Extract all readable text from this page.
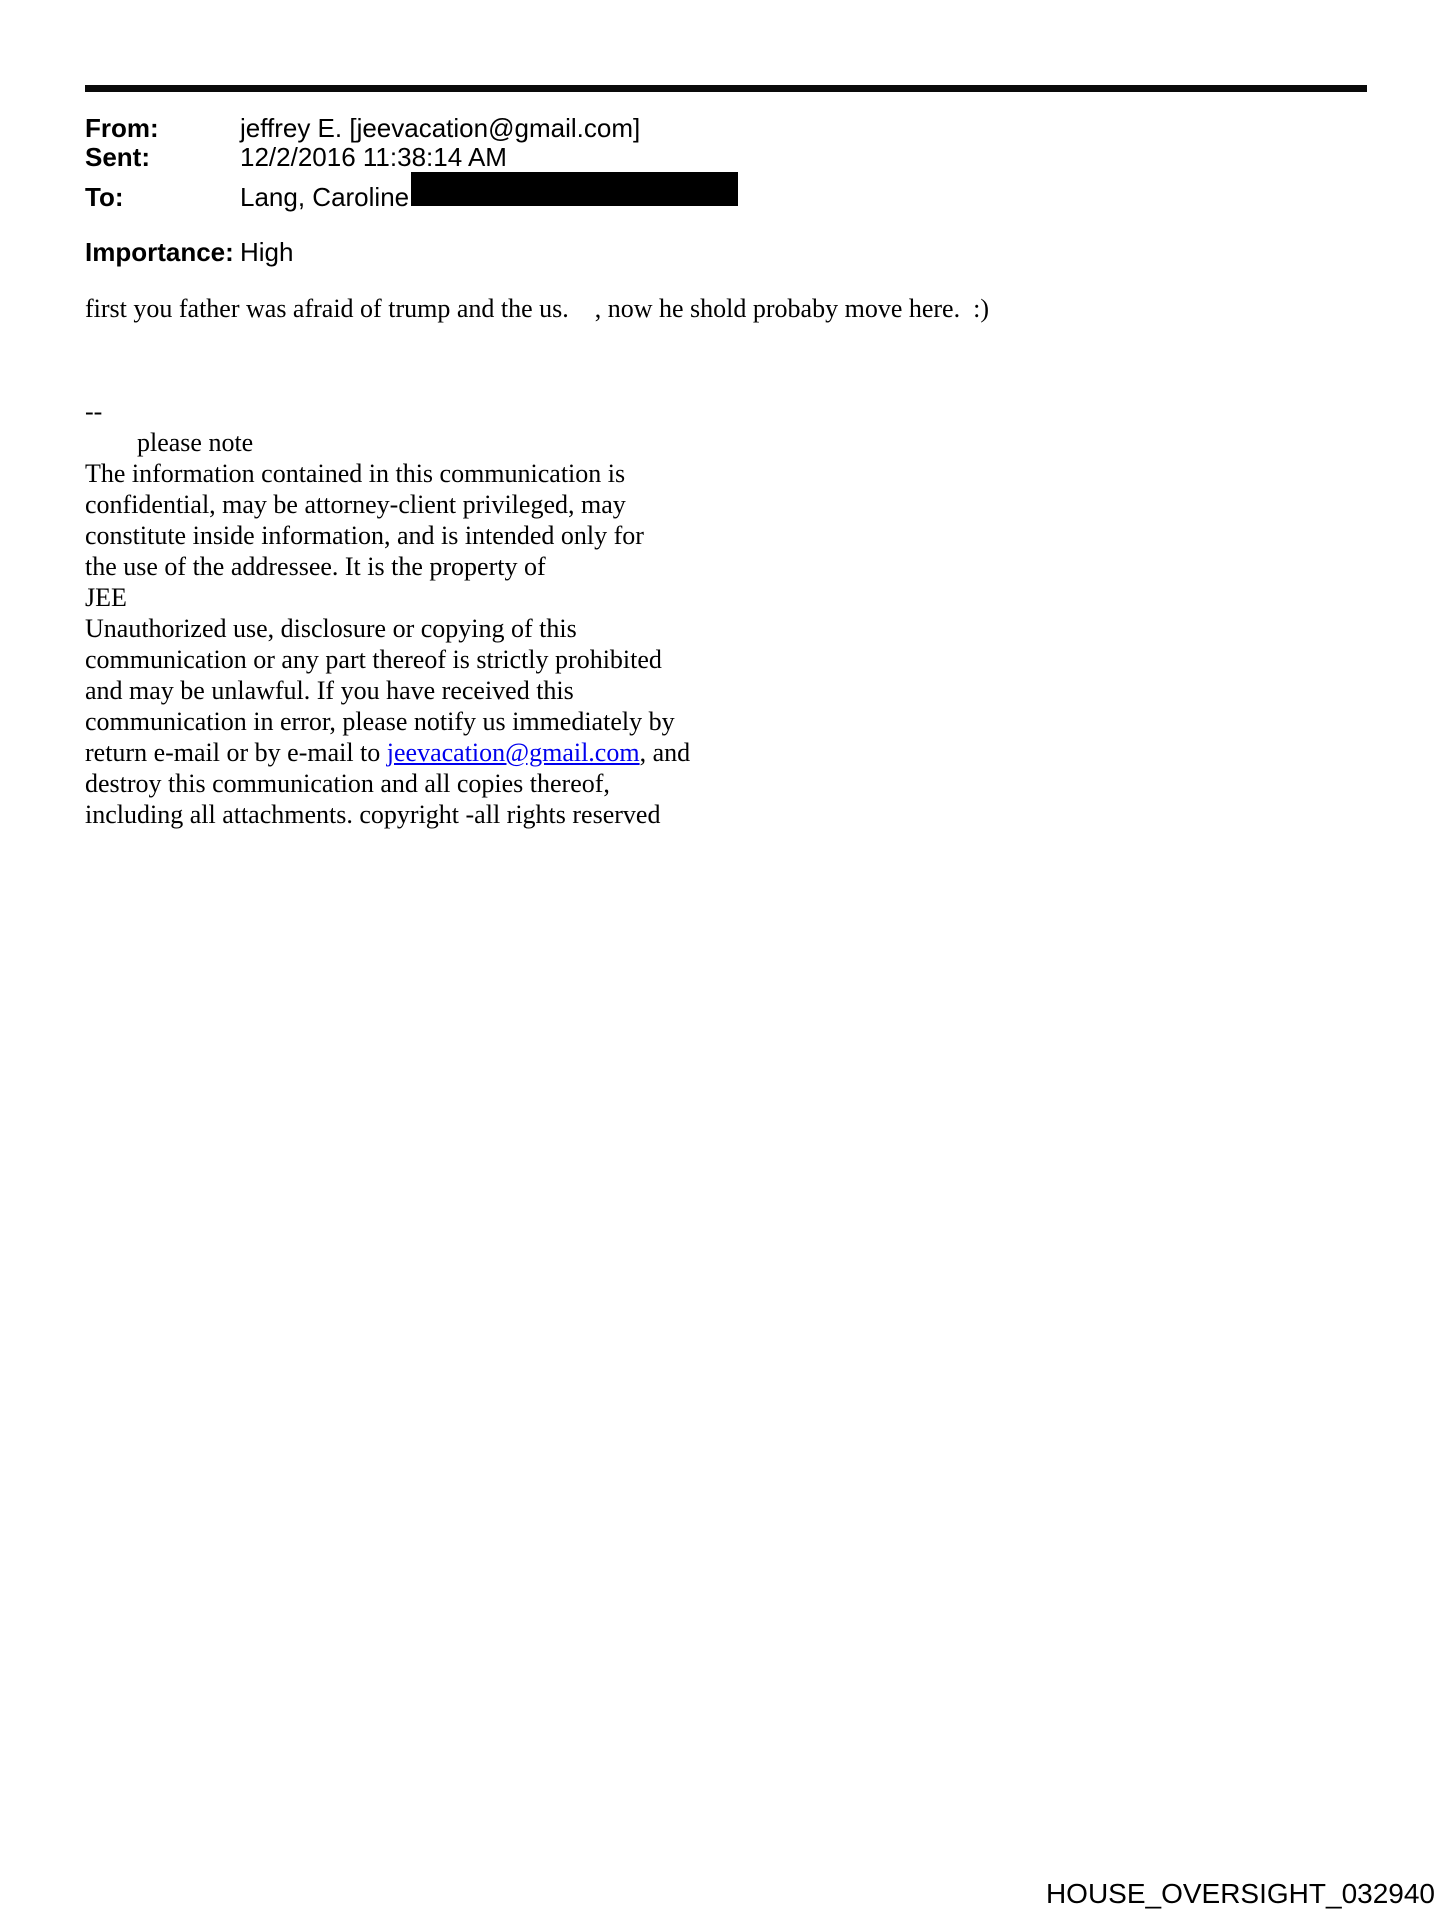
From:	jeffrey E. [jeevacation@gmail.com]
Sent:	12/2/2016 11:38:14 AM
To:	Lang, Caroline
Importance: High

first you father was afraid of trump and the us.    , now he shold probaby move here.  :)

--
please note
The information contained in this communication is
confidential, may be attorney-client privileged, may
constitute inside information, and is intended only for
the use of the addressee. It is the property of
JEE
Unauthorized use, disclosure or copying of this
communication or any part thereof is strictly prohibited
and may be unlawful. If you have received this
communication in error, please notify us immediately by
return e-mail or by e-mail to jeevacation@gmail.com, and
destroy this communication and all copies thereof,
including all attachments. copyright -all rights reserved
HOUSE_OVERSIGHT_032940
